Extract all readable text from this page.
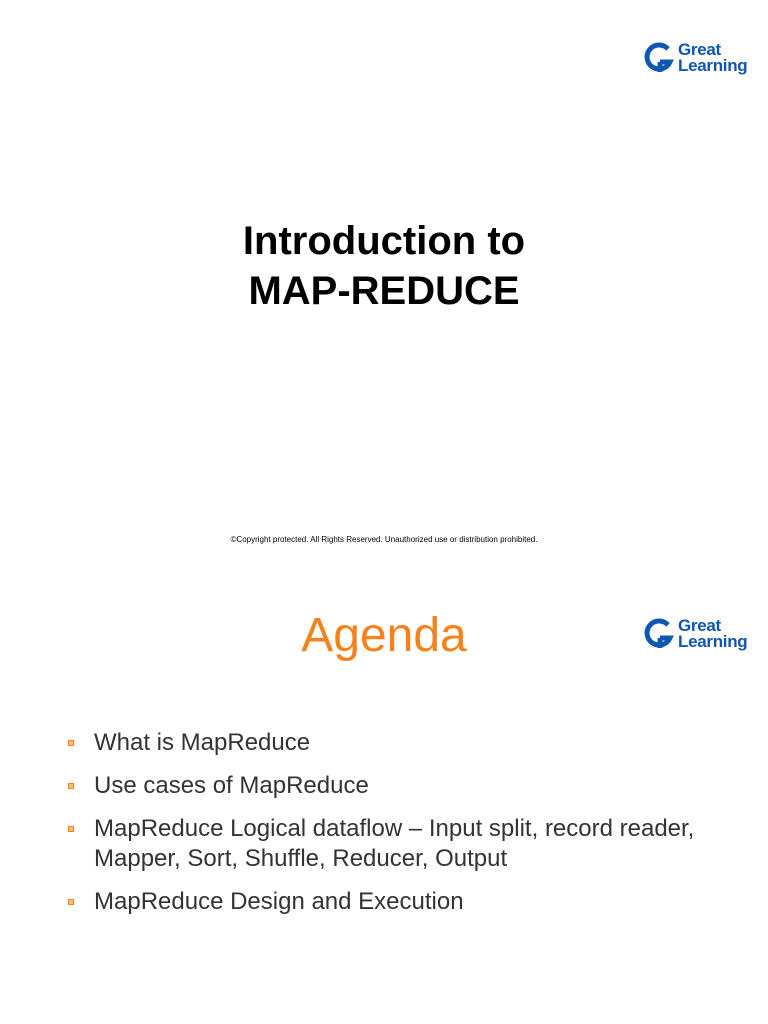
Great
Learning
Introduction to
MAP-REDUCE
©Copyright protected. All Rights Reserved. Unauthorized use or distribution prohibited.
Great
Learning
Agenda
What is MapReduce
Use cases of MapReduce
MapReduce Logical dataflow – Input split, record reader, Mapper, Sort, Shuffle, Reducer, Output
MapReduce Design and Execution
